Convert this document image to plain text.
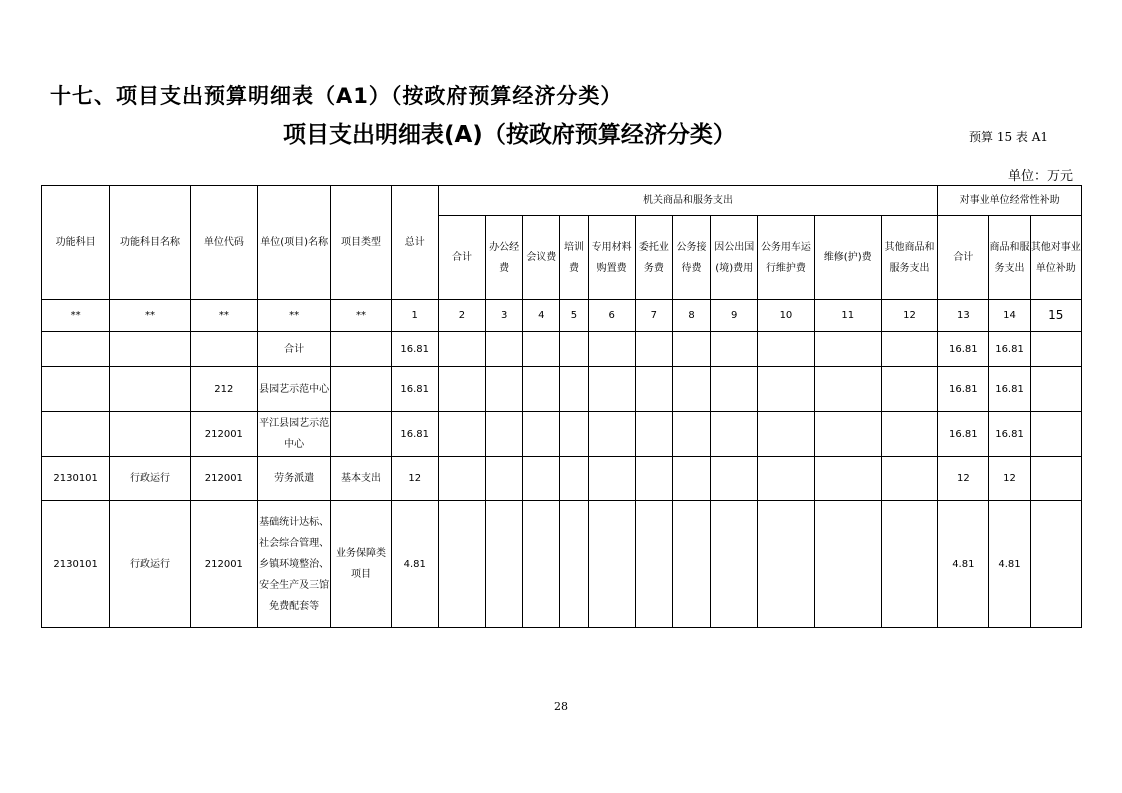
十七、项目支出预算明细表（A1）（按政府预算经济分类）
项目支出明细表(A)（按政府预算经济分类）	预算 15 表 A1
单位：万元
功能科目	功能科目名称	单位代码	单位(项目)名称	项目类型	总计	机关商品和服务支出											对事业单位经常性补助		
						合计	办公经费	会议费	培训费	专用材料购置费	委托业务费	公务接待费	因公出国(境)费用	公务用车运行维护费	维修(护)费	其他商品和服务支出	合计	商品和服务支出	其他对事业单位补助
**	**	**	**	**	1	2	3	4	5	6	7	8	9	10	11	12	13	14	15
			合计		16.81												16.81	16.81	
		212	县园艺示范中心		16.81												16.81	16.81	
		212001	平江县园艺示范中心		16.81												16.81	16.81	
2130101	行政运行	212001	劳务派遣	基本支出	12												12	12	
2130101	行政运行	212001	基础统计达标、社会综合管理、乡镇环境整治、安全生产及三馆免费配套等	业务保障类项目	4.81												4.81	4.81	
28
